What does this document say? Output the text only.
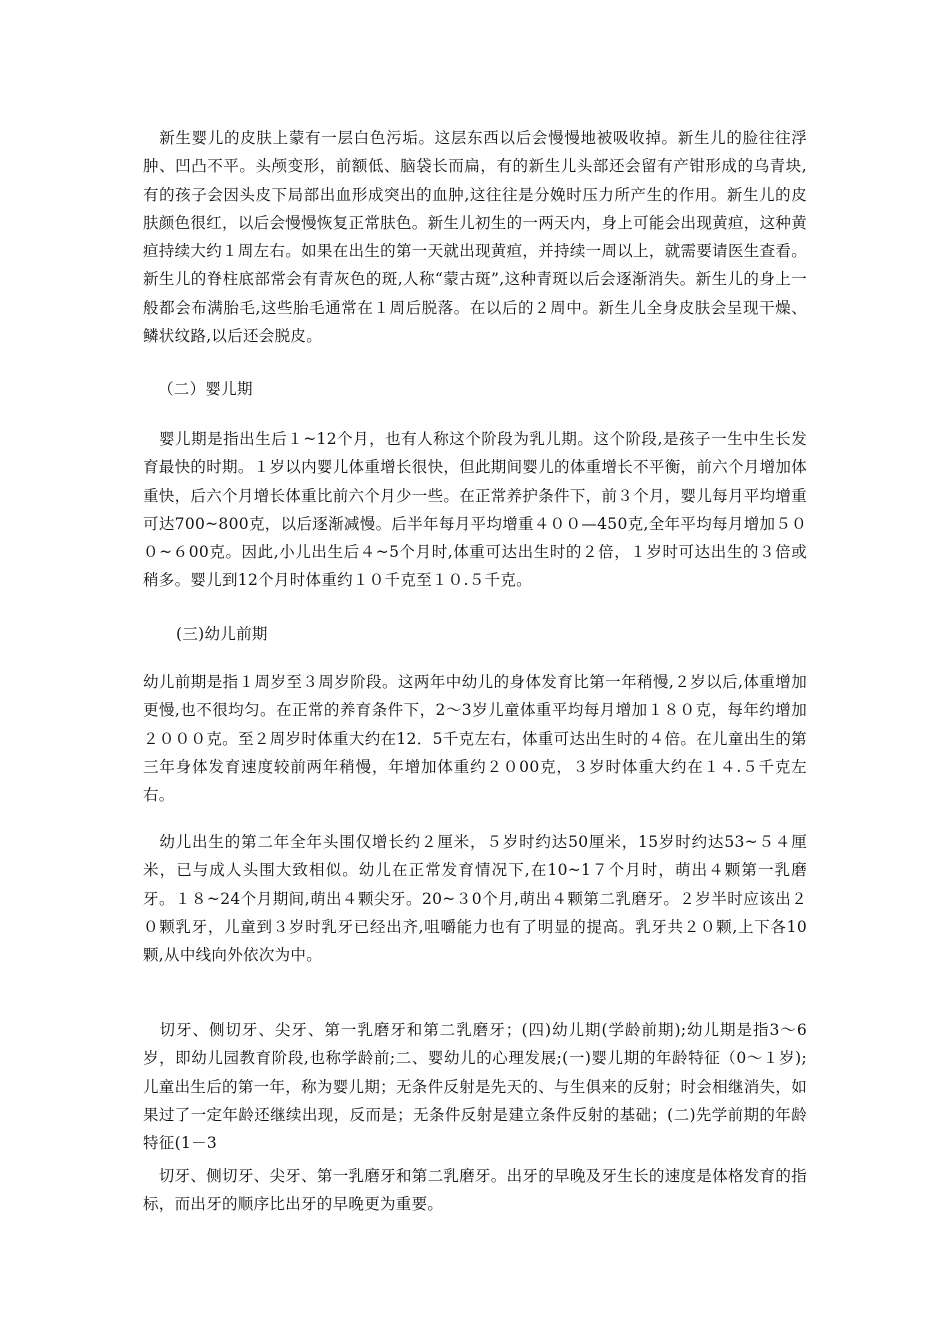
　新生婴儿的皮肤上蒙有一层白色污垢。这层东西以后会慢慢地被吸收掉。新生儿的脸往往浮肿、凹凸不平。头颅变形，前额低、脑袋长而扁，有的新生儿头部还会留有产钳形成的乌青块,有的孩子会因头皮下局部出血形成突出的血肿,这往往是分娩时压力所产生的作用。新生儿的皮肤颜色很红，以后会慢慢恢复正常肤色。新生儿初生的一两天内，身上可能会出现黄疸，这种黄疸持续大约１周左右。如果在出生的第一天就出现黄疸，并持续一周以上，就需要请医生查看。新生儿的脊柱底部常会有青灰色的斑,人称“蒙古斑”,这种青斑以后会逐渐消失。新生儿的身上一般都会布满胎毛,这些胎毛通常在１周后脱落。在以后的２周中。新生儿全身皮肤会呈现干燥、鳞状纹路,以后还会脱皮。

（二）婴儿期

　婴儿期是指出生后１~12个月，也有人称这个阶段为乳儿期。这个阶段,是孩子一生中生长发育最快的时期。１岁以内婴儿体重增长很快，但此期间婴儿的体重增长不平衡，前六个月增加体重快，后六个月增长体重比前六个月少一些。在正常养护条件下，前３个月，婴儿每月平均增重可达700~800克，以后逐渐减慢。后半年每月平均增重４００—450克,全年平均每月增加５００~６00克。因此,小儿出生后４~5个月时,体重可达出生时的２倍，１岁时可达出生的３倍或稍多。婴儿到12个月时体重约１０千克至１０.５千克。

(三)幼儿前期

幼儿前期是指１周岁至３周岁阶段。这两年中幼儿的身体发育比第一年稍慢,２岁以后,体重增加更慢,也不很均匀。在正常的养育条件下，2〜3岁儿童体重平均每月增加１８０克，每年约增加２０００克。至２周岁时体重大约在12．5千克左右，体重可达出生时的４倍。在儿童出生的第三年身体发育速度较前两年稍慢，年增加体重约２０00克，３岁时体重大约在１４.５千克左右。

　幼儿出生的第二年全年头围仅增长约２厘米，５岁时约达50厘米，15岁时约达53~５４厘米，已与成人头围大致相似。幼儿在正常发育情况下,在10~1７个月时，萌出４颗第一乳磨牙。１８~24个月期间,萌出４颗尖牙。20~３0个月,萌出４颗第二乳磨牙。２岁半时应该出２０颗乳牙，儿童到３岁时乳牙已经出齐,咀嚼能力也有了明显的提高。乳牙共２０颗,上下各10颗,从中线向外依次为中。

　切牙、侧切牙、尖牙、第一乳磨牙和第二乳磨牙；(四)幼儿期(学龄前期);幼儿期是指3〜6岁，即幼儿园教育阶段,也称学龄前;二、婴幼儿的心理发展;(一)婴儿期的年龄特征（0〜１岁);儿童出生后的第一年，称为婴儿期；无条件反射是先天的、与生俱来的反射；时会相继消失，如果过了一定年龄还继续出现，反而是；无条件反射是建立条件反射的基础；(二)先学前期的年龄特征(1－3

　切牙、侧切牙、尖牙、第一乳磨牙和第二乳磨牙。出牙的早晚及牙生长的速度是体格发育的指标，而出牙的顺序比出牙的早晚更为重要。
